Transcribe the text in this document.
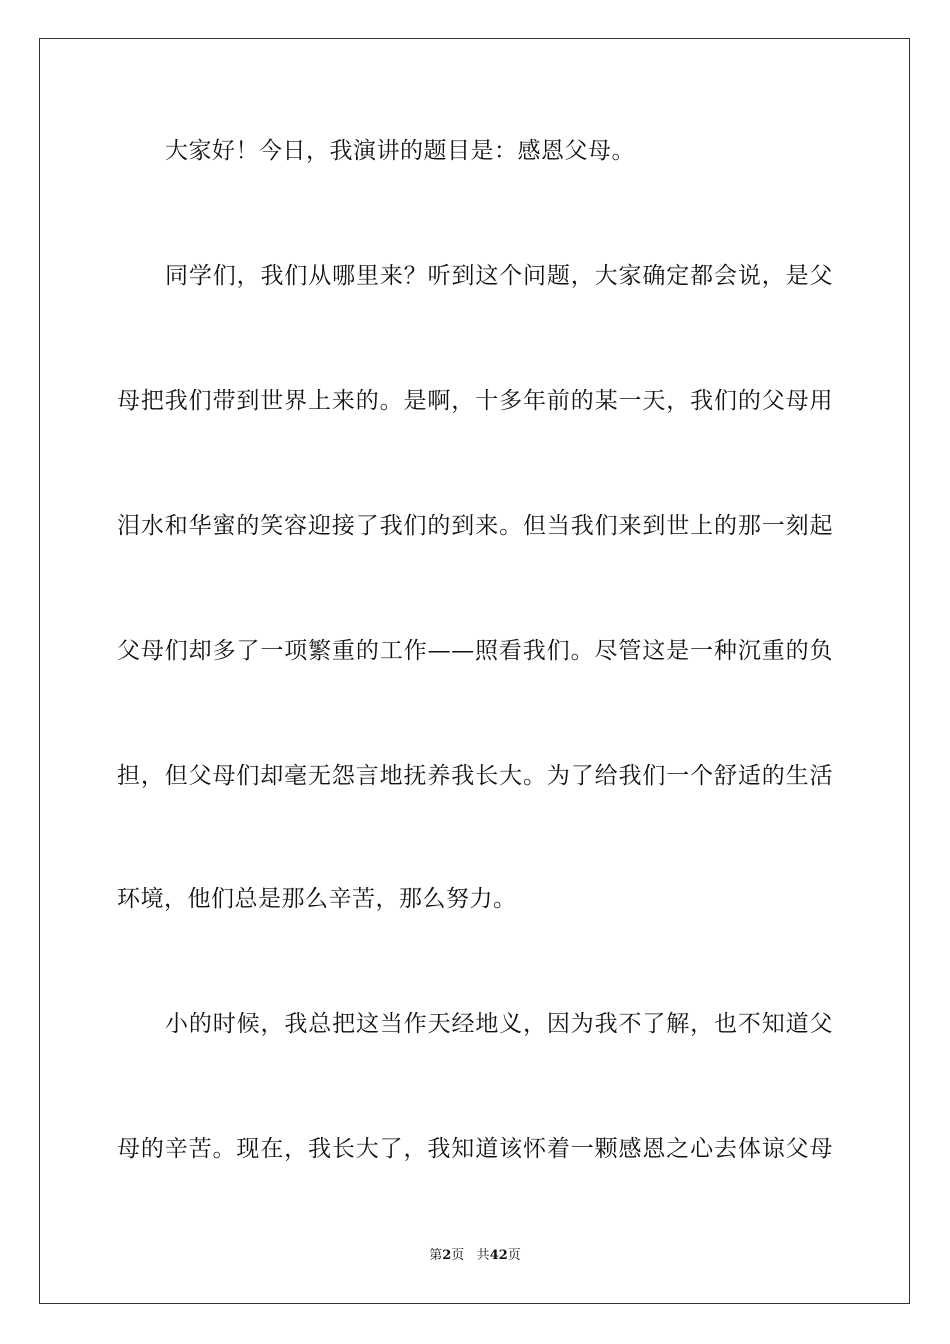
大家好！今日，我演讲的题目是：感恩父母。
同学们，我们从哪里来？听到这个问题，大家确定都会说，是父
母把我们带到世界上来的。是啊，十多年前的某一天，我们的父母用
泪水和华蜜的笑容迎接了我们的到来。但当我们来到世上的那一刻起
父母们却多了一项繁重的工作——照看我们。尽管这是一种沉重的负
担，但父母们却毫无怨言地抚养我长大。为了给我们一个舒适的生活
环境，他们总是那么辛苦，那么努力。
小的时候，我总把这当作天经地义，因为我不了解，也不知道父
母的辛苦。现在，我长大了，我知道该怀着一颗感恩之心去体谅父母
第2页 共42页
